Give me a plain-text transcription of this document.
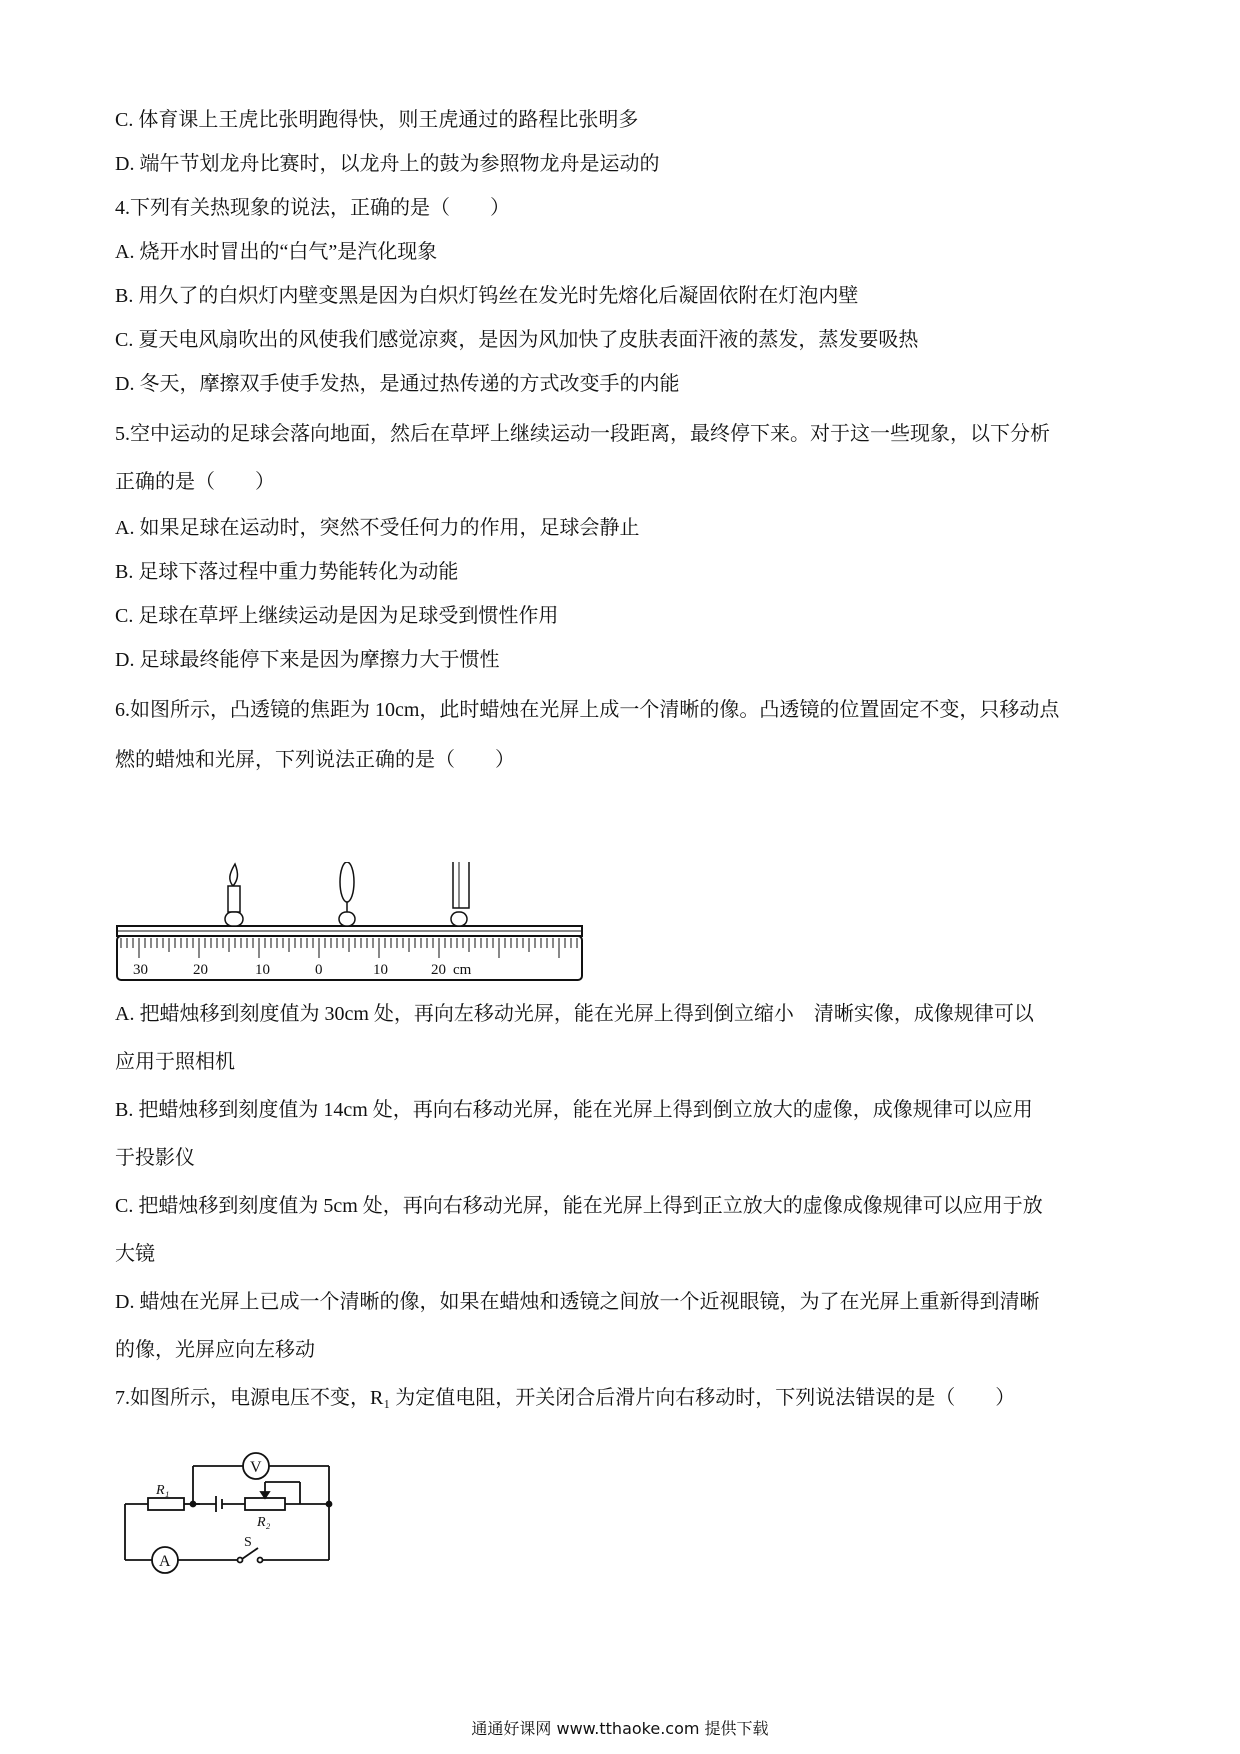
C. 体育课上王虎比张明跑得快，则王虎通过的路程比张明多
D. 端午节划龙舟比赛时，以龙舟上的鼓为参照物龙舟是运动的
4.下列有关热现象的说法，正确的是（　　）
A. 烧开水时冒出的“白气”是汽化现象
B. 用久了的白炽灯内壁变黑是因为白炽灯钨丝在发光时先熔化后凝固依附在灯泡内壁
C. 夏天电风扇吹出的风使我们感觉凉爽，是因为风加快了皮肤表面汗液的蒸发，蒸发要吸热
D. 冬天，摩擦双手使手发热，是通过热传递的方式改变手的内能
5.空中运动的足球会落向地面，然后在草坪上继续运动一段距离，最终停下来。对于这一些现象，以下分析
正确的是（　　）
A. 如果足球在运动时，突然不受任何力的作用，足球会静止
B. 足球下落过程中重力势能转化为动能
C. 足球在草坪上继续运动是因为足球受到惯性作用
D. 足球最终能停下来是因为摩擦力大于惯性
6.如图所示，凸透镜的焦距为 10cm，此时蜡烛在光屏上成一个清晰的像。凸透镜的位置固定不变，只移动点
燃的蜡烛和光屏，下列说法正确的是（　　）
30	20	10	0	10	20 cm
A. 把蜡烛移到刻度值为 30cm 处，再向左移动光屏，能在光屏上得到倒立缩小　清晰实像，成像规律可以
应用于照相机
B. 把蜡烛移到刻度值为 14cm 处，再向右移动光屏，能在光屏上得到倒立放大的虚像，成像规律可以应用
于投影仪
C. 把蜡烛移到刻度值为 5cm 处，再向右移动光屏，能在光屏上得到正立放大的虚像成像规律可以应用于放
大镜
D. 蜡烛在光屏上已成一个清晰的像，如果在蜡烛和透镜之间放一个近视眼镜，为了在光屏上重新得到清晰
的像，光屏应向左移动
7.如图所示，电源电压不变，R₁ 为定值电阻，开关闭合后滑片向右移动时，下列说法错误的是（　　）
V
A
R₁
R₂
S
通通好课网 www.tthaoke.com 提供下载
